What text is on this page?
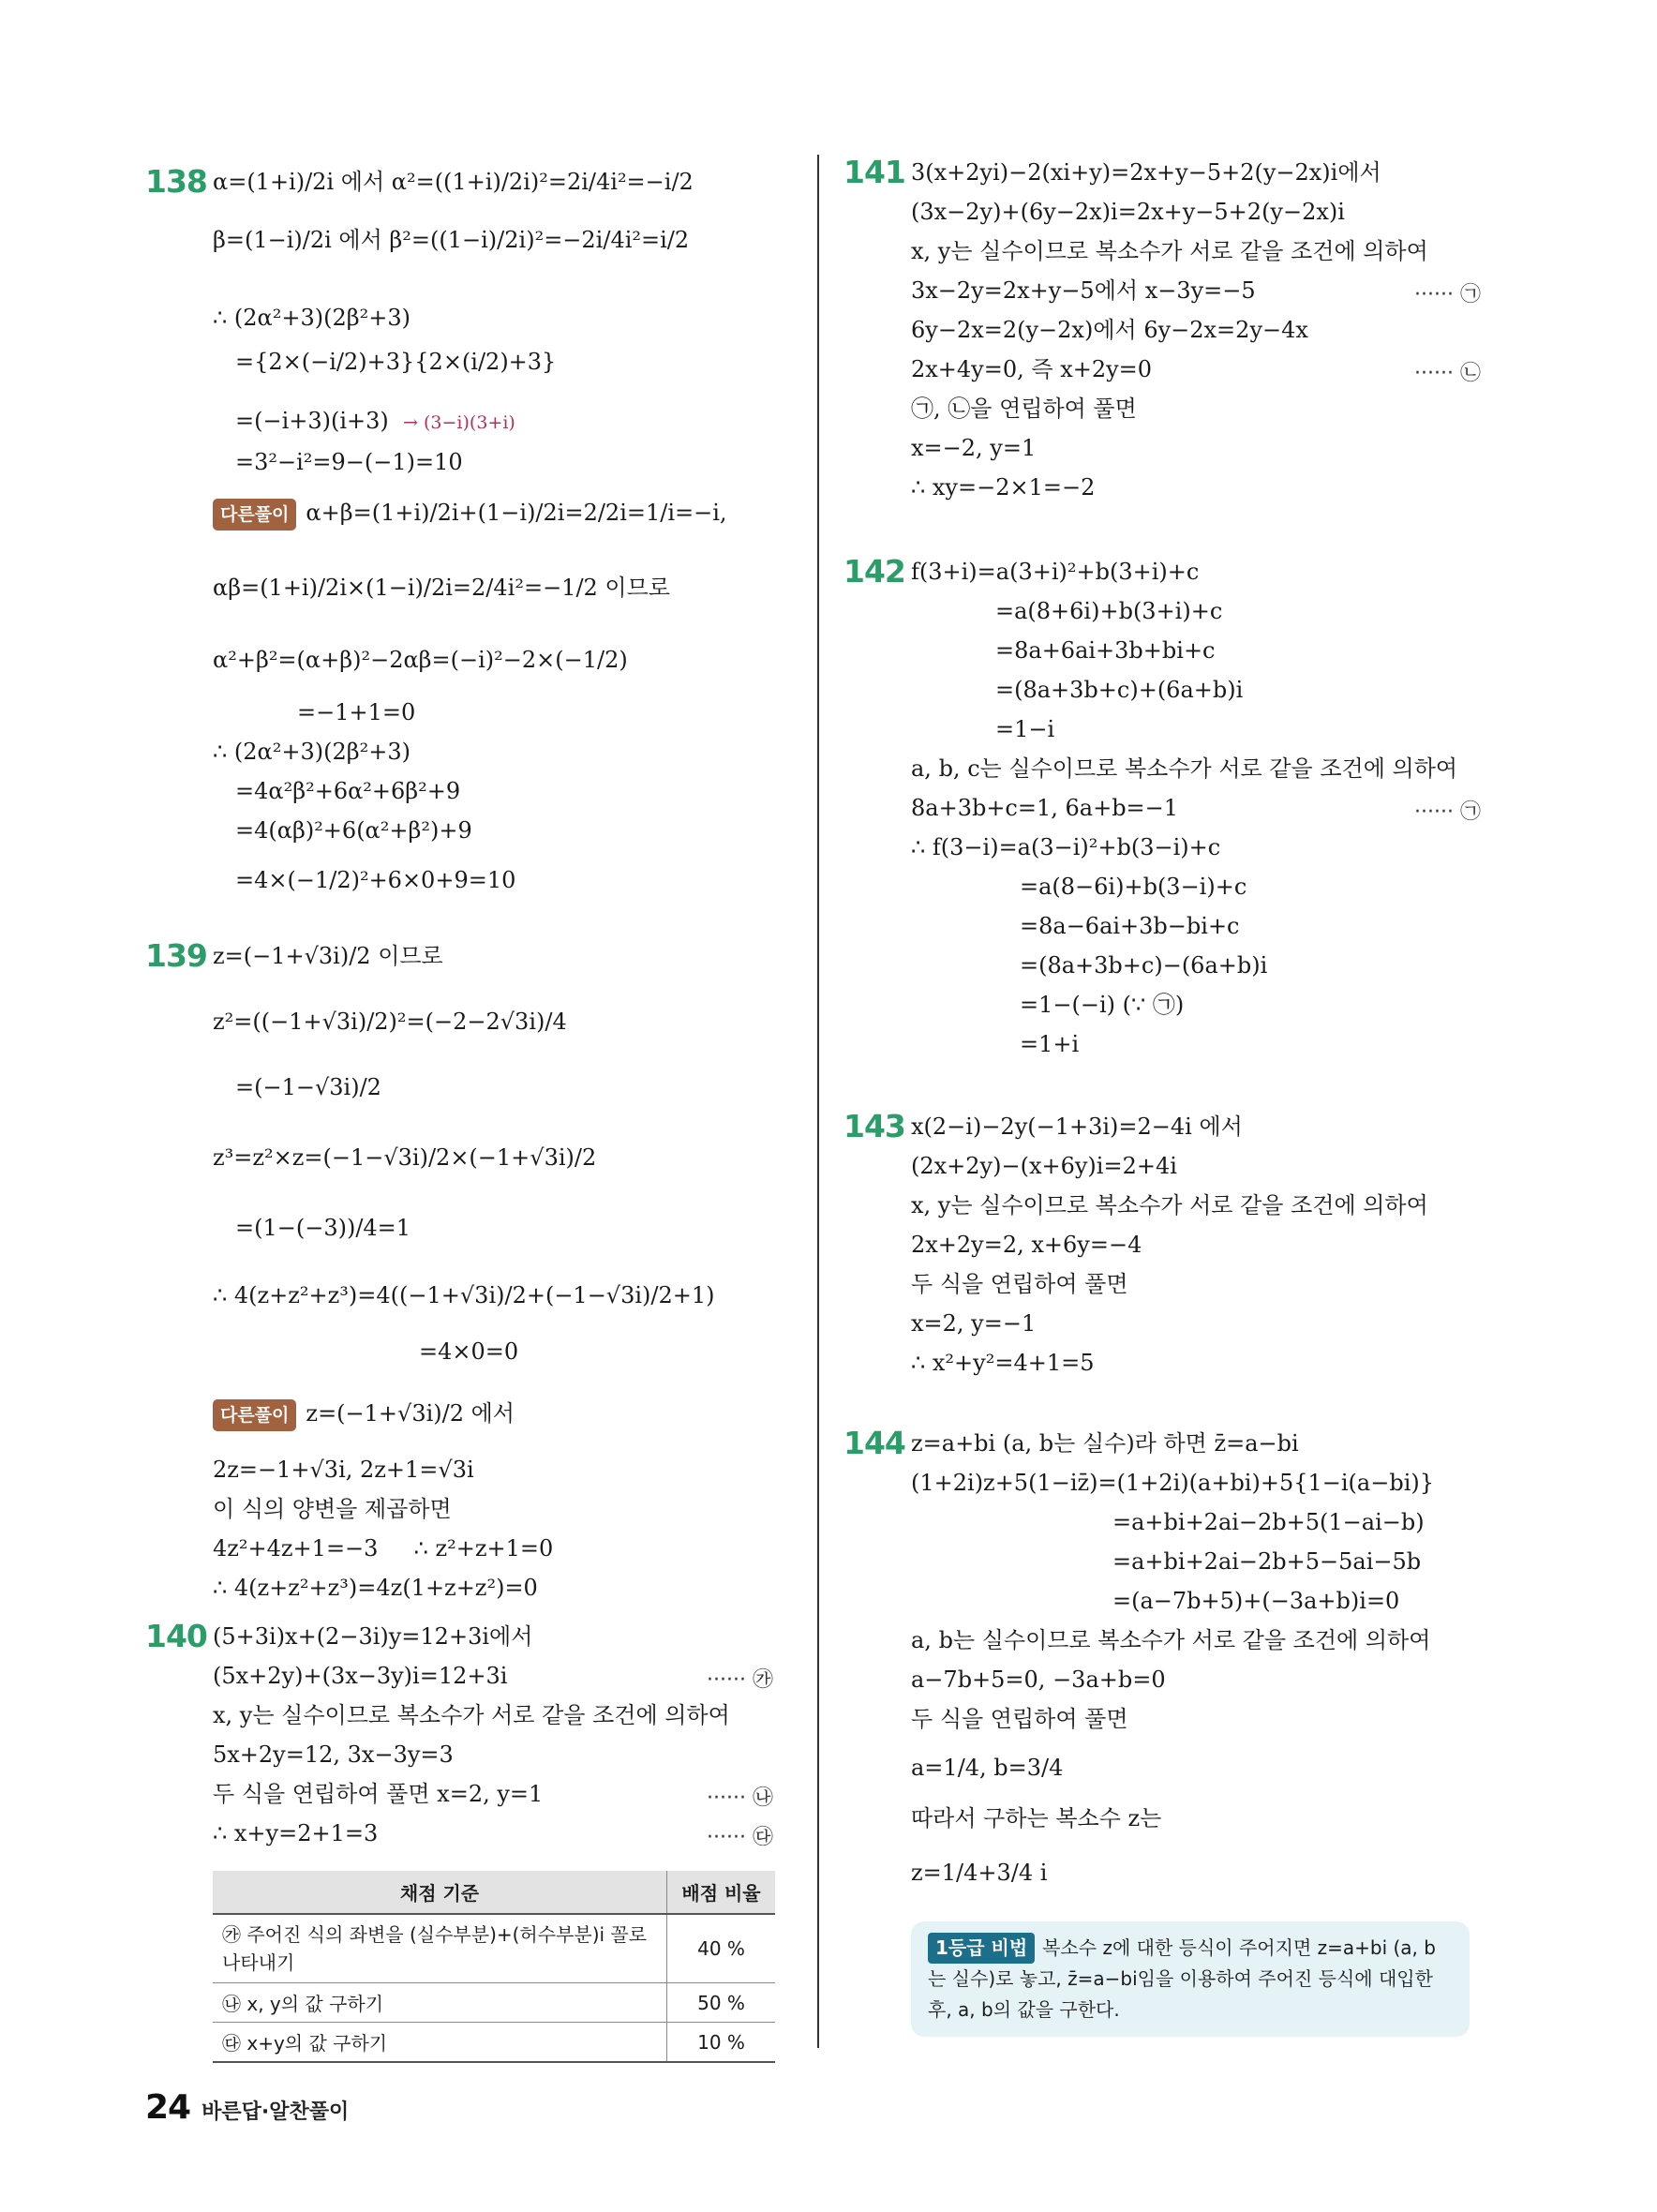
138 α=(1+i)/2i 에서 α²=((1+i)/2i)²=2i/4i²=−i/2
β=(1−i)/2i 에서 β²=((1−i)/2i)²=−2i/4i²=i/2
∴ (2α²+3)(2β²+3)
={2×(−i/2)+3}{2×(i/2)+3}
=(−i+3)(i+3) → (3−i)(3+i)
=3²−i²=9−(−1)=10
다른풀이 α+β=(1+i)/2i+(1−i)/2i=2/2i=1/i=−i,
αβ=(1+i)/2i×(1−i)/2i=2/4i²=−1/2 이므로
α²+β²=(α+β)²−2αβ=(−i)²−2×(−1/2)
=−1+1=0
∴ (2α²+3)(2β²+3)
=4α²β²+6α²+6β²+9
=4(αβ)²+6(α²+β²)+9
=4×(−1/2)²+6×0+9=10
139 z=(−1+√3i)/2 이므로
z²=((−1+√3i)/2)²=(−2−2√3i)/4
=(−1−√3i)/2
z³=z²×z=(−1−√3i)/2×(−1+√3i)/2
=(1−(−3))/4=1
∴ 4(z+z²+z³)=4((−1+√3i)/2+(−1−√3i)/2+1)
=4×0=0
다른풀이 z=(−1+√3i)/2 에서
2z=−1+√3i, 2z+1=√3i
이 식의 양변을 제곱하면
4z²+4z+1=−3     ∴ z²+z+1=0
∴ 4(z+z²+z³)=4z(1+z+z²)=0
140 (5+3i)x+(2−3i)y=12+3i에서
(5x+2y)+(3x−3y)i=12+3i	······ ㉮
x, y는 실수이므로 복소수가 서로 같을 조건에 의하여
5x+2y=12, 3x−3y=3
두 식을 연립하여 풀면 x=2, y=1	······ ㉯
∴ x+y=2+1=3	······ ㉰
채점 기준	배점 비율
㉮ 주어진 식의 좌변을 (실수부분)+(허수부분)i 꼴로 나타내기	40 %
㉯ x, y의 값 구하기	50 %
㉰ x+y의 값 구하기	10 %
141 3(x+2yi)−2(xi+y)=2x+y−5+2(y−2x)i에서
(3x−2y)+(6y−2x)i=2x+y−5+2(y−2x)i
x, y는 실수이므로 복소수가 서로 같을 조건에 의하여
3x−2y=2x+y−5에서 x−3y=−5	······ ㉠
6y−2x=2(y−2x)에서 6y−2x=2y−4x
2x+4y=0, 즉 x+2y=0	······ ㉡
㉠, ㉡을 연립하여 풀면
x=−2, y=1
∴ xy=−2×1=−2
142 f(3+i)=a(3+i)²+b(3+i)+c
=a(8+6i)+b(3+i)+c
=8a+6ai+3b+bi+c
=(8a+3b+c)+(6a+b)i
=1−i
a, b, c는 실수이므로 복소수가 서로 같을 조건에 의하여
8a+3b+c=1, 6a+b=−1	······ ㉠
∴ f(3−i)=a(3−i)²+b(3−i)+c
=a(8−6i)+b(3−i)+c
=8a−6ai+3b−bi+c
=(8a+3b+c)−(6a+b)i
=1−(−i) (∵ ㉠)
=1+i
143 x(2−i)−2y(−1+3i)=2−4i 에서
(2x+2y)−(x+6y)i=2+4i
x, y는 실수이므로 복소수가 서로 같을 조건에 의하여
2x+2y=2, x+6y=−4
두 식을 연립하여 풀면
x=2, y=−1
∴ x²+y²=4+1=5
144 z=a+bi (a, b는 실수)라 하면 z̄=a−bi
(1+2i)z+5(1−iz̄)=(1+2i)(a+bi)+5{1−i(a−bi)}
=a+bi+2ai−2b+5(1−ai−b)
=a+bi+2ai−2b+5−5ai−5b
=(a−7b+5)+(−3a+b)i=0
a, b는 실수이므로 복소수가 서로 같을 조건에 의하여
a−7b+5=0, −3a+b=0
두 식을 연립하여 풀면
a=1/4, b=3/4
따라서 구하는 복소수 z는
z=1/4+3/4 i
1등급 비법 복소수 z에 대한 등식이 주어지면 z=a+bi (a, b는 실수)로 놓고, z̄=a−bi임을 이용하여 주어진 등식에 대입한 후, a, b의 값을 구한다.
24 바른답·알찬풀이
